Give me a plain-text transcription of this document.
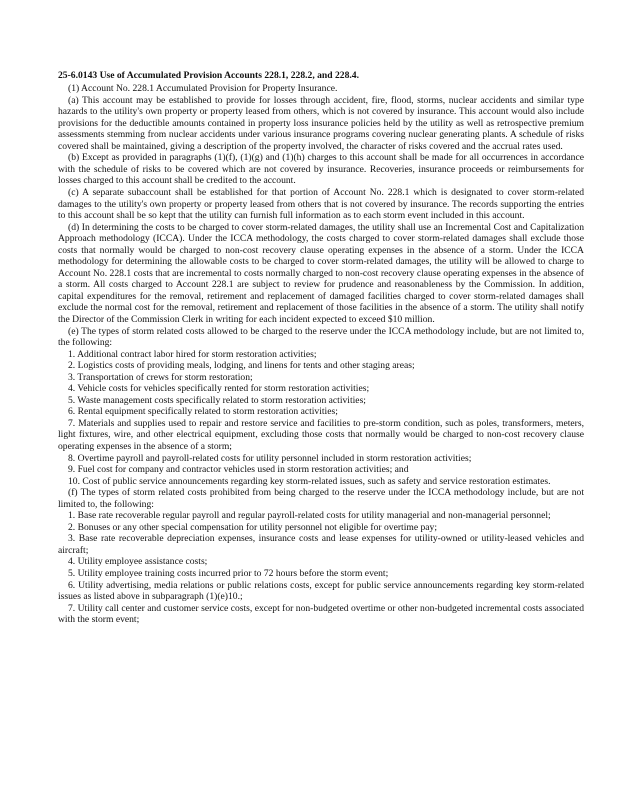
25-6.0143 Use of Accumulated Provision Accounts 228.1, 228.2, and 228.4.

(1) Account No. 228.1 Accumulated Provision for Property Insurance.

(a) This account may be established to provide for losses through accident, fire, flood, storms, nuclear accidents and similar type hazards to the utility's own property or property leased from others, which is not covered by insurance. This account would also include provisions for the deductible amounts contained in property loss insurance policies held by the utility as well as retrospective premium assessments stemming from nuclear accidents under various insurance programs covering nuclear generating plants. A schedule of risks covered shall be maintained, giving a description of the property involved, the character of risks covered and the accrual rates used.

(b) Except as provided in paragraphs (1)(f), (1)(g) and (1)(h) charges to this account shall be made for all occurrences in accordance with the schedule of risks to be covered which are not covered by insurance. Recoveries, insurance proceeds or reimbursements for losses charged to this account shall be credited to the account.

(c) A separate subaccount shall be established for that portion of Account No. 228.1 which is designated to cover storm-related damages to the utility's own property or property leased from others that is not covered by insurance. The records supporting the entries to this account shall be so kept that the utility can furnish full information as to each storm event included in this account.

(d) In determining the costs to be charged to cover storm-related damages, the utility shall use an Incremental Cost and Capitalization Approach methodology (ICCA). Under the ICCA methodology, the costs charged to cover storm-related damages shall exclude those costs that normally would be charged to non-cost recovery clause operating expenses in the absence of a storm. Under the ICCA methodology for determining the allowable costs to be charged to cover storm-related damages, the utility will be allowed to charge to Account No. 228.1 costs that are incremental to costs normally charged to non-cost recovery clause operating expenses in the absence of a storm. All costs charged to Account 228.1 are subject to review for prudence and reasonableness by the Commission. In addition, capital expenditures for the removal, retirement and replacement of damaged facilities charged to cover storm-related damages shall exclude the normal cost for the removal, retirement and replacement of those facilities in the absence of a storm. The utility shall notify the Director of the Commission Clerk in writing for each incident expected to exceed $10 million.

(e) The types of storm related costs allowed to be charged to the reserve under the ICCA methodology include, but are not limited to, the following:

1. Additional contract labor hired for storm restoration activities;

2. Logistics costs of providing meals, lodging, and linens for tents and other staging areas;

3. Transportation of crews for storm restoration;

4. Vehicle costs for vehicles specifically rented for storm restoration activities;

5. Waste management costs specifically related to storm restoration activities;

6. Rental equipment specifically related to storm restoration activities;

7. Materials and supplies used to repair and restore service and facilities to pre-storm condition, such as poles, transformers, meters, light fixtures, wire, and other electrical equipment, excluding those costs that normally would be charged to non-cost recovery clause operating expenses in the absence of a storm;

8. Overtime payroll and payroll-related costs for utility personnel included in storm restoration activities;

9. Fuel cost for company and contractor vehicles used in storm restoration activities; and

10. Cost of public service announcements regarding key storm-related issues, such as safety and service restoration estimates.

(f) The types of storm related costs prohibited from being charged to the reserve under the ICCA methodology include, but are not limited to, the following:

1. Base rate recoverable regular payroll and regular payroll-related costs for utility managerial and non-managerial personnel;

2. Bonuses or any other special compensation for utility personnel not eligible for overtime pay;

3. Base rate recoverable depreciation expenses, insurance costs and lease expenses for utility-owned or utility-leased vehicles and aircraft;

4. Utility employee assistance costs;

5. Utility employee training costs incurred prior to 72 hours before the storm event;

6. Utility advertising, media relations or public relations costs, except for public service announcements regarding key storm-related issues as listed above in subparagraph (1)(e)10.;

7. Utility call center and customer service costs, except for non-budgeted overtime or other non-budgeted incremental costs associated with the storm event;
